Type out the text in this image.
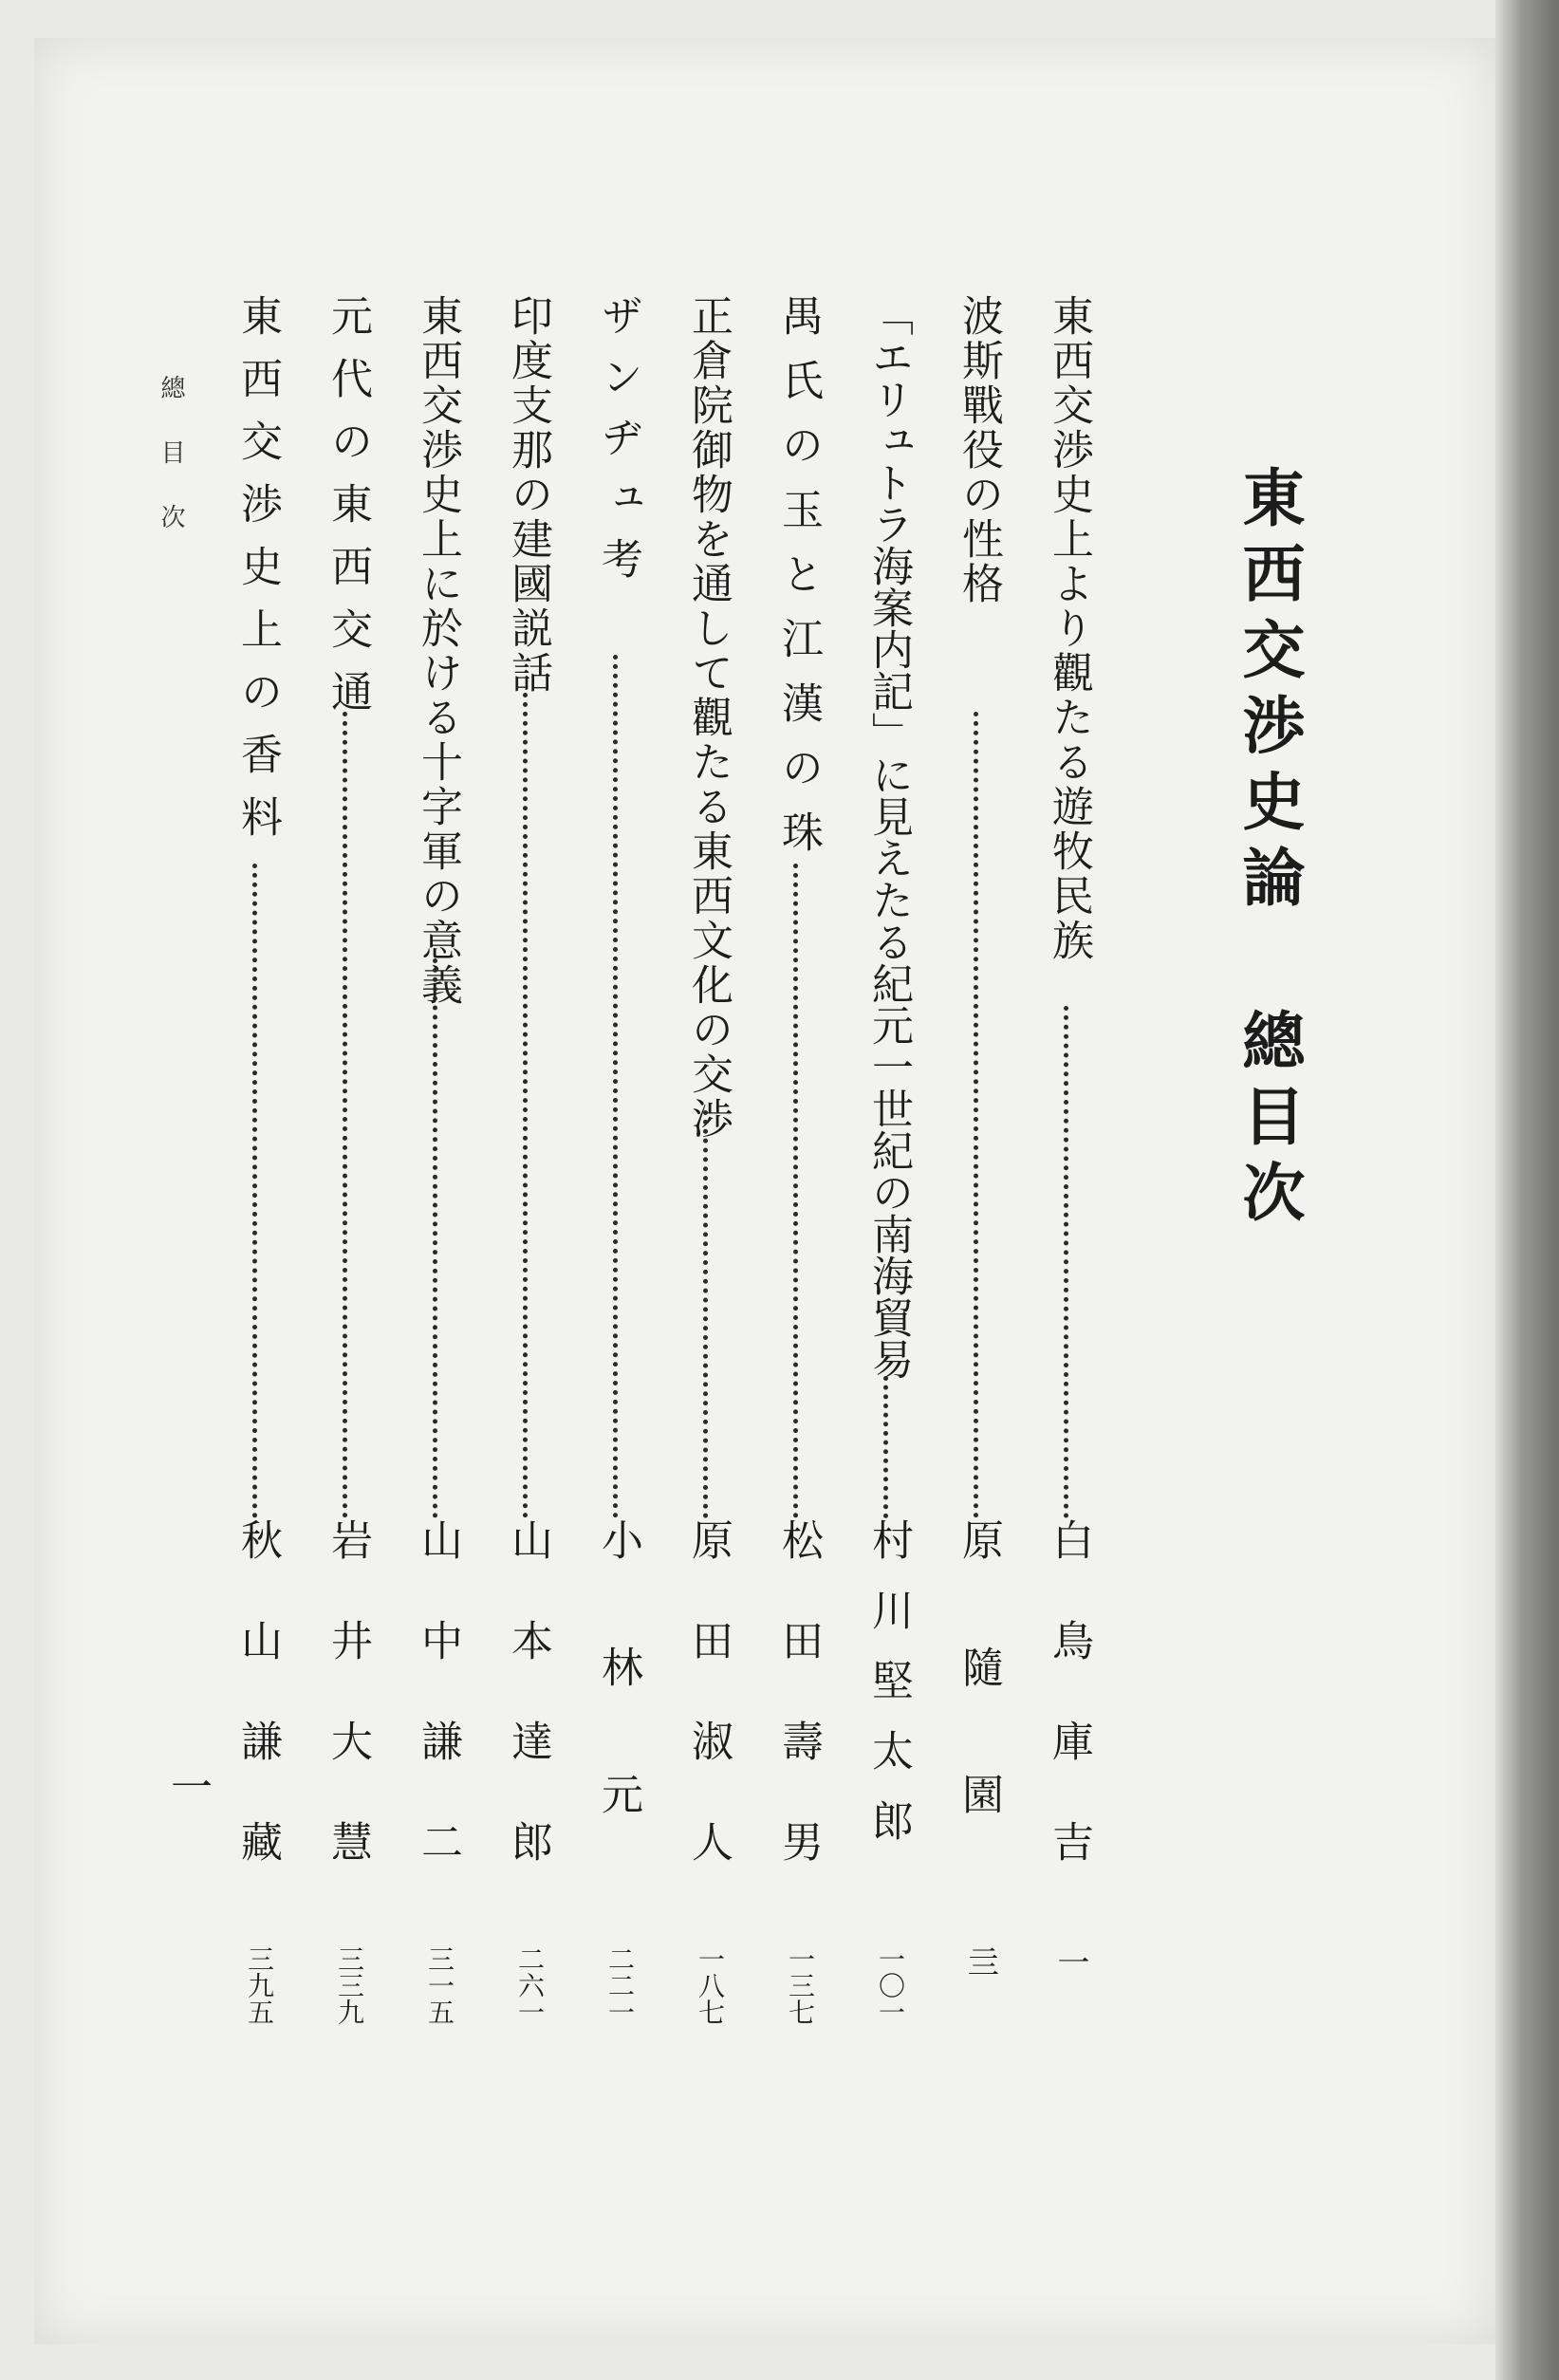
東西交渉史論 總目次
東西交渉史上より觀たる遊牧民族
白鳥庫吉
一
波斯戰役の性格
原隨園
亖
「エリュトラ海案内記」に見えたる紀元一世紀の南海貿易
村川堅太郎
一〇一
禺氏の玉と江漢の珠
松田壽男
一三七
正倉院御物を通して觀たる東西文化の交渉
原田淑人
一八七
ザンヂュ考
小林元
二二一
印度支那の建國説話
山本達郎
二六一
東西交渉史上に於ける十字軍の意義
山中謙二
三一五
元代の東西交通
岩井大慧
三三九
東西交渉史上の香料
秋山謙藏
三九五
總目次
一
